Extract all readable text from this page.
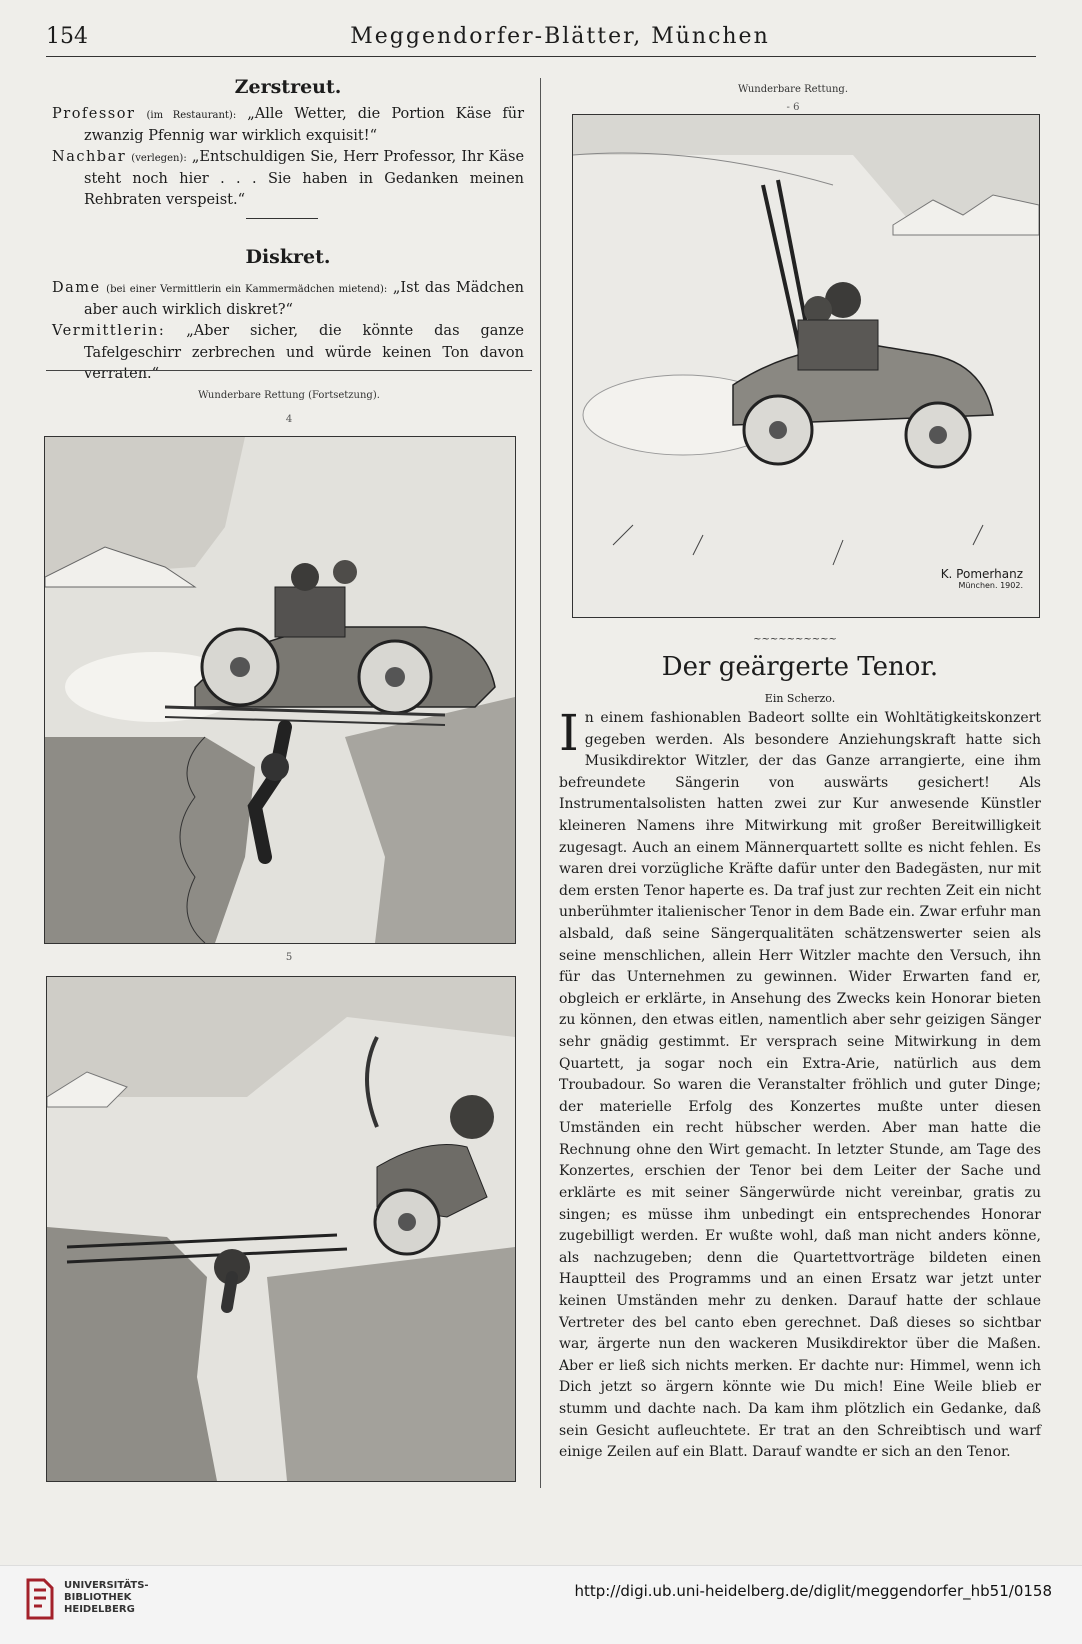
154	Meggendorfer-Blätter, München
Zerstreut.

Professor (im Restaurant): „Alle Wetter, die Portion Käse für zwanzig Pfennig war wirklich exquisit!“

Nachbar (verlegen): „Entschuldigen Sie, Herr Professor, Ihr Käse steht noch hier . . . Sie haben in Gedanken meinen Rehbraten verspeist.“

Diskret.

Dame (bei einer Vermittlerin ein Kammermädchen mietend): „Ist das Mädchen aber auch wirklich diskret?“

Vermittlerin: „Aber sicher, die könnte das ganze Tafelgeschirr zerbrechen und würde keinen Ton davon verraten.“

Wunderbare Rettung (Fortsetzung).
4
5
Wunderbare Rettung.
- 6
K. Pomerhanz
München. 1902.
~~~~~~~~~~
Der geärgerte Tenor.
Ein Scherzo.

In einem fashionablen Badeort sollte ein Wohltätigkeitskonzert gegeben werden. Als besondere Anziehungskraft hatte sich Musikdirektor Witzler, der das Ganze arrangierte, eine ihm befreundete Sängerin von auswärts gesichert! Als Instrumentalsolisten hatten zwei zur Kur anwesende Künstler kleineren Namens ihre Mitwirkung mit großer Bereitwilligkeit zugesagt. Auch an einem Männerquartett sollte es nicht fehlen. Es waren drei vorzügliche Kräfte dafür unter den Badegästen, nur mit dem ersten Tenor haperte es. Da traf just zur rechten Zeit ein nicht unberühmter italienischer Tenor in dem Bade ein. Zwar erfuhr man alsbald, daß seine Sängerqualitäten schätzenswerter seien als seine menschlichen, allein Herr Witzler machte den Versuch, ihn für das Unternehmen zu gewinnen. Wider Erwarten fand er, obgleich er erklärte, in Ansehung des Zwecks kein Honorar bieten zu können, den etwas eitlen, namentlich aber sehr geizigen Sänger sehr gnädig gestimmt. Er versprach seine Mitwirkung in dem Quartett, ja sogar noch ein Extra-Arie, natürlich aus dem Troubadour. So waren die Veranstalter fröhlich und guter Dinge; der materielle Erfolg des Konzertes mußte unter diesen Umständen ein recht hübscher werden. Aber man hatte die Rechnung ohne den Wirt gemacht. In letzter Stunde, am Tage des Konzertes, erschien der Tenor bei dem Leiter der Sache und erklärte es mit seiner Sängerwürde nicht vereinbar, gratis zu singen; es müsse ihm unbedingt ein entsprechendes Honorar zugebilligt werden. Er wußte wohl, daß man nicht anders könne, als nachzugeben; denn die Quartettvorträge bildeten einen Hauptteil des Programms und an einen Ersatz war jetzt unter keinen Umständen mehr zu denken. Darauf hatte der schlaue Vertreter des bel canto eben gerechnet. Daß dieses so sichtbar war, ärgerte nun den wackeren Musikdirektor über die Maßen. Aber er ließ sich nichts merken. Er dachte nur: Himmel, wenn ich Dich jetzt so ärgern könnte wie Du mich! Eine Weile blieb er stumm und dachte nach. Da kam ihm plötzlich ein Gedanke, daß sein Gesicht aufleuchtete. Er trat an den Schreibtisch und warf einige Zeilen auf ein Blatt. Darauf wandte er sich an den Tenor.

UNIVERSITÄTS-
BIBLIOTHEK
HEIDELBERG
http://digi.ub.uni-heidelberg.de/diglit/meggendorfer_hb51/0158
